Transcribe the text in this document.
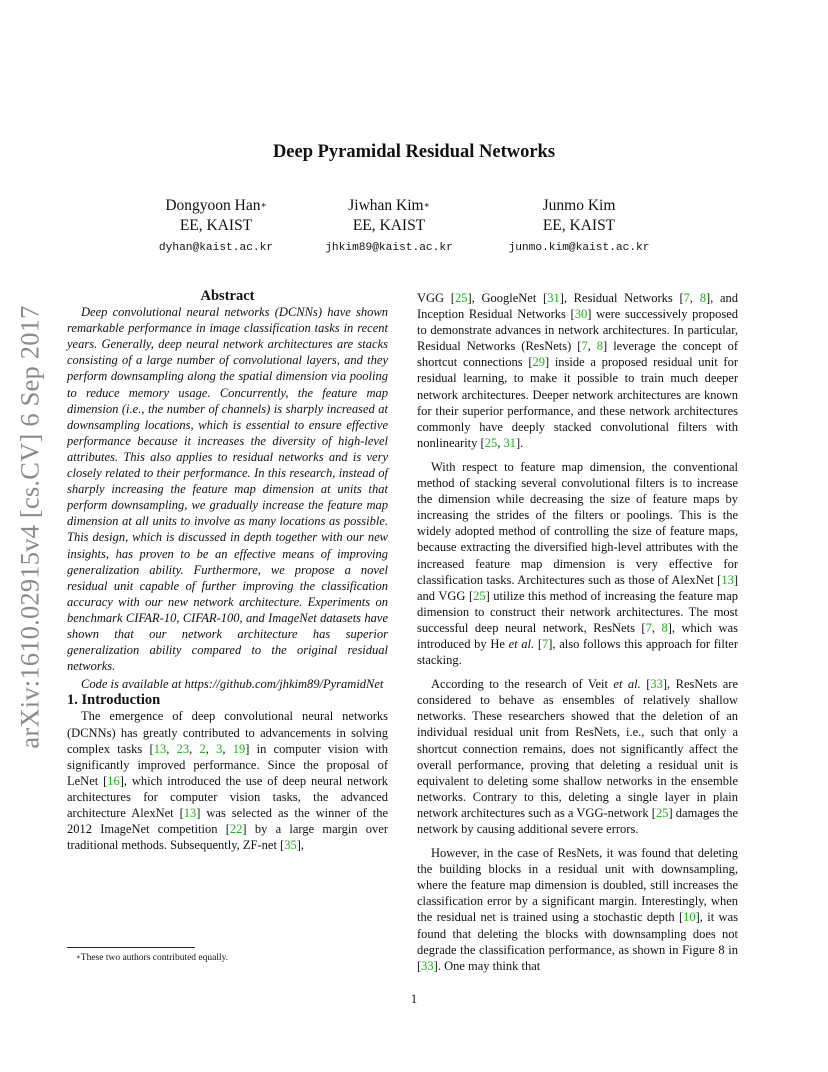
arXiv:1610.02915v4 [cs.CV] 6 Sep 2017
Deep Pyramidal Residual Networks
Dongyoon Han∗
EE, KAIST
dyhan@kaist.ac.kr
Jiwhan Kim∗
EE, KAIST
jhkim89@kaist.ac.kr
Junmo Kim
EE, KAIST
junmo.kim@kaist.ac.kr

Abstract

Deep convolutional neural networks (DCNNs) have shown remarkable performance in image classification tasks in recent years. Generally, deep neural network architectures are stacks consisting of a large number of convolutional layers, and they perform downsampling along the spatial dimension via pooling to reduce memory usage. Concurrently, the feature map dimension (i.e., the number of channels) is sharply increased at downsampling locations, which is essential to ensure effective performance because it increases the diversity of high-level attributes. This also applies to residual networks and is very closely related to their performance. In this research, instead of sharply increasing the feature map dimension at units that perform downsampling, we gradually increase the feature map dimension at all units to involve as many locations as possible. This design, which is discussed in depth together with our new insights, has proven to be an effective means of improving generalization ability. Furthermore, we propose a novel residual unit capable of further improving the classification accuracy with our new network architecture. Experiments on benchmark CIFAR-10, CIFAR-100, and ImageNet datasets have shown that our network architecture has superior generalization ability compared to the original residual networks.

Code is available at https://github.com/jhkim89/PyramidNet

1. Introduction

The emergence of deep convolutional neural networks (DCNNs) has greatly contributed to advancements in solving complex tasks [13, 23, 2, 3, 19] in computer vision with significantly improved performance. Since the proposal of LeNet [16], which introduced the use of deep neural network architectures for computer vision tasks, the advanced architecture AlexNet [13] was selected as the winner of the 2012 ImageNet competition [22] by a large margin over traditional methods. Subsequently, ZF-net [35],

VGG [25], GoogleNet [31], Residual Networks [7, 8], and Inception Residual Networks [30] were successively proposed to demonstrate advances in network architectures. In particular, Residual Networks (ResNets) [7, 8] leverage the concept of shortcut connections [29] inside a proposed residual unit for residual learning, to make it possible to train much deeper network architectures. Deeper network architectures are known for their superior performance, and these network architectures commonly have deeply stacked convolutional filters with nonlinearity [25, 31].

With respect to feature map dimension, the conventional method of stacking several convolutional filters is to increase the dimension while decreasing the size of feature maps by increasing the strides of the filters or poolings. This is the widely adopted method of controlling the size of feature maps, because extracting the diversified high-level attributes with the increased feature map dimension is very effective for classification tasks. Architectures such as those of AlexNet [13] and VGG [25] utilize this method of increasing the feature map dimension to construct their network architectures. The most successful deep neural network, ResNets [7, 8], which was introduced by He et al. [7], also follows this approach for filter stacking.

According to the research of Veit et al. [33], ResNets are considered to behave as ensembles of relatively shallow networks. These researchers showed that the deletion of an individual residual unit from ResNets, i.e., such that only a shortcut connection remains, does not significantly affect the overall performance, proving that deleting a residual unit is equivalent to deleting some shallow networks in the ensemble networks. Contrary to this, deleting a single layer in plain network architectures such as a VGG-network [25] damages the network by causing additional severe errors.

However, in the case of ResNets, it was found that deleting the building blocks in a residual unit with downsampling, where the feature map dimension is doubled, still increases the classification error by a significant margin. Interestingly, when the residual net is trained using a stochastic depth [10], it was found that deleting the blocks with downsampling does not degrade the classification performance, as shown in Figure 8 in [33]. One may think that

∗These two authors contributed equally.
1
